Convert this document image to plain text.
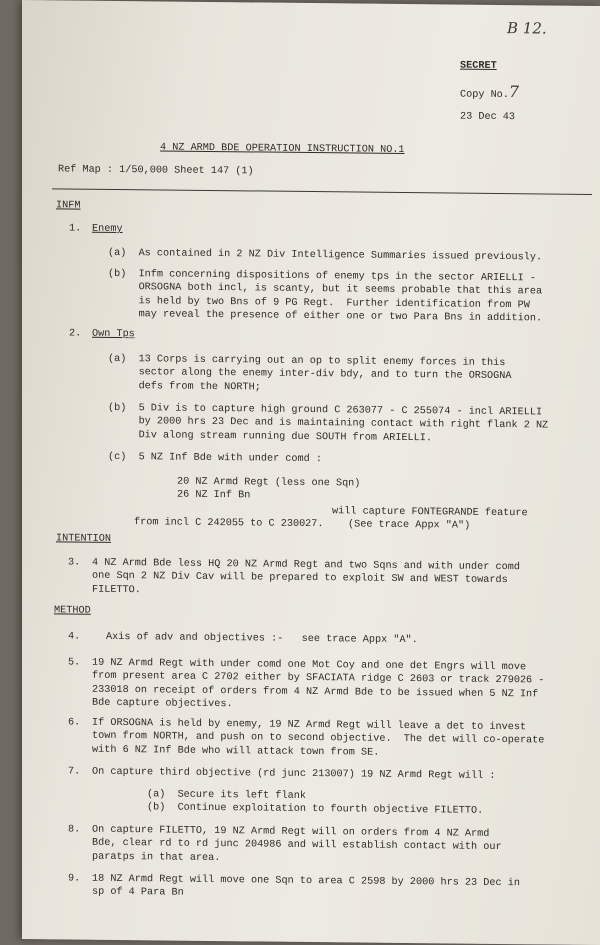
B 12.
SECRET
Copy No.7
23 Dec 43
4 NZ ARMD BDE OPERATION INSTRUCTION NO.1
Ref Map : 1/50,000 Sheet 147 (1)
INFM
1. Enemy
(a)  As contained in 2 NZ Div Intelligence Summaries issued previously.
(b)  Infm concerning dispositions of enemy tps in the sector ARIELLI -
ORSOGNA both incl, is scanty, but it seems probable that this area
is held by two Bns of 9 PG Regt.  Further identification from PW
may reveal the presence of either one or two Para Bns in addition.
2. Own Tps
(a)  13 Corps is carrying out an op to split enemy forces in this
sector along the enemy inter-div bdy, and to turn the ORSOGNA
defs from the NORTH;
(b)  5 Div is to capture high ground C 263077 - C 255074 - incl ARIELLI
by 2000 hrs 23 Dec and is maintaining contact with right flank 2 NZ
Div along stream running due SOUTH from ARIELLI.
(c)  5 NZ Inf Bde with under comd :
20 NZ Armd Regt (less one Sqn)
26 NZ Inf Bn
will capture FONTEGRANDE feature
from incl C 242055 to C 230027.    (See trace Appx "A")
INTENTION
3. 4 NZ Armd Bde less HQ 20 NZ Armd Regt and two Sqns and with under comd
one Sqn 2 NZ Div Cav will be prepared to exploit SW and WEST towards
FILETTO.
METHOD
4.	Axis of adv and objectives :-   see trace Appx "A".
5. 19 NZ Armd Regt with under comd one Mot Coy and one det Engrs will move
from present area C 2702 either by SFACIATA ridge C 2603 or track 279026 -
233018 on receipt of orders from 4 NZ Armd Bde to be issued when 5 NZ Inf
Bde capture objectives.
6. If ORSOGNA is held by enemy, 19 NZ Armd Regt will leave a det to invest
town from NORTH, and push on to second objective.  The det will co-operate
with 6 NZ Inf Bde who will attack town from SE.
7. On capture third objective (rd junc 213007) 19 NZ Armd Regt will :
(a)  Secure its left flank
(b)  Continue exploitation to fourth objective FILETTO.
8. On capture FILETTO, 19 NZ Armd Regt will on orders from 4 NZ Armd
Bde, clear rd to rd junc 204986 and will establish contact with our
paratps in that area.
9. 18 NZ Armd Regt will move one Sqn to area C 2598 by 2000 hrs 23 Dec in
sp of 4 Para Bn
